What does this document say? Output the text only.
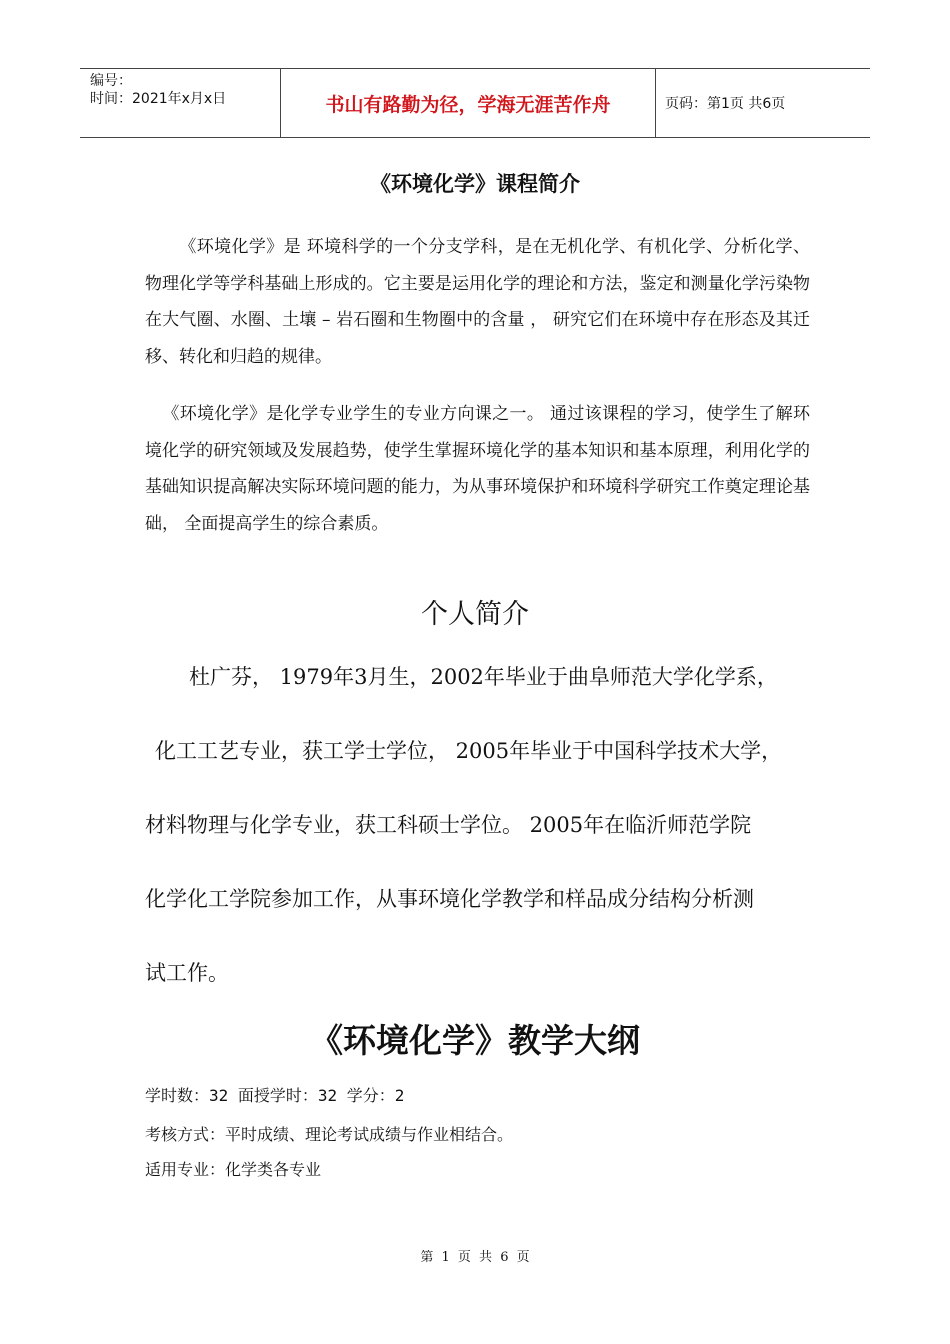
编号：
时间：2021年x月x日	书山有路勤为径，学海无涯苦作舟	页码：第1页 共6页
《环境化学》课程简介

《环境化学》是 环境科学的一个分支学科，是在无机化学、有机化学、分析化学、物理化学等学科基础上形成的。它主要是运用化学的理论和方法，鉴定和测量化学污染物在大气圈、水圈、土壤 – 岩石圈和生物圈中的含量 ， 研究它们在环境中存在形态及其迁移、转化和归趋的规律。

《环境化学》是化学专业学生的专业方向课之一。 通过该课程的学习，使学生了解环境化学的研究领域及发展趋势，使学生掌握环境化学的基本知识和基本原理，利用化学的基础知识提高解决实际环境问题的能力，为从事环境保护和环境科学研究工作奠定理论基础， 全面提高学生的综合素质。

个人简介
杜广芬， 1979年3月生，2002年毕业于曲阜师范大学化学系，
化工工艺专业，获工学士学位， 2005年毕业于中国科学技术大学，
材料物理与化学专业，获工科硕士学位。 2005年在临沂师范学院
化学化工学院参加工作，从事环境化学教学和样品成分结构分析测
试工作。
《环境化学》教学大纲
学时数：32 面授学时：32 学分：2
考核方式：平时成绩、理论考试成绩与作业相结合。
适用专业：化学类各专业
第 1 页 共 6 页
